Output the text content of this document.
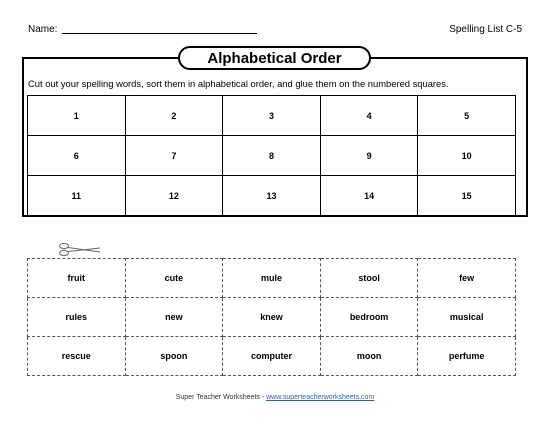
Name:	Spelling List C-5
Alphabetical Order
Cut out your spelling words, sort them in alphabetical order, and glue them on the numbered squares.
1	2	3	4	5
6	7	8	9	10
11	12	13	14	15
fruit	cute	mule	stool	few
rules	new	knew	bedroom	musical
rescue	spoon	computer	moon	perfume
Super Teacher Worksheets - www.superteacherworksheets.com
